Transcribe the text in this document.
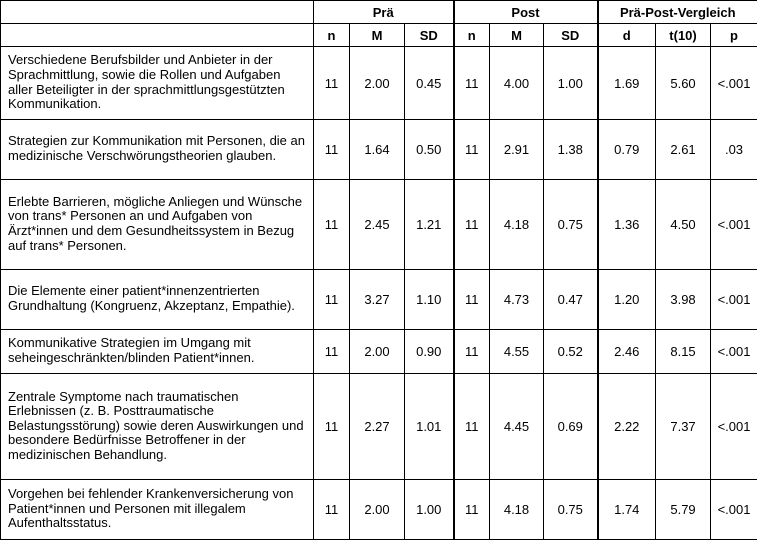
	Prä			Post			Prä-Post-Vergleich		
	n	M	SD	n	M	SD	d	t(10)	p
Verschiedene Berufsbilder und Anbieter in der Sprachmittlung, sowie die Rollen und Aufgaben aller Beteiligter in der sprachmittlungsgestützten Kommunikation.	11	2.00	0.45	11	4.00	1.00	1.69	5.60	<.001
Strategien zur Kommunikation mit Personen, die an medizinische Verschwörungstheorien glauben.	11	1.64	0.50	11	2.91	1.38	0.79	2.61	.03
Erlebte Barrieren, mögliche Anliegen und Wünsche von trans* Personen an und Aufgaben von Ärzt*innen und dem Gesundheitssystem in Bezug auf trans* Personen.	11	2.45	1.21	11	4.18	0.75	1.36	4.50	<.001
Die Elemente einer patient*innenzentrierten Grundhaltung (Kongruenz, Akzeptanz, Empathie).	11	3.27	1.10	11	4.73	0.47	1.20	3.98	<.001
Kommunikative Strategien im Umgang mit seheingeschränkten/blinden Patient*innen.	11	2.00	0.90	11	4.55	0.52	2.46	8.15	<.001
Zentrale Symptome nach traumatischen Erlebnissen (z. B. Posttraumatische Belastungsstörung) sowie deren Auswirkungen und besondere Bedürfnisse Betroffener in der medizinischen Behandlung.	11	2.27	1.01	11	4.45	0.69	2.22	7.37	<.001
Vorgehen bei fehlender Krankenversicherung von Patient*innen und Personen mit illegalem Aufenthaltsstatus.	11	2.00	1.00	11	4.18	0.75	1.74	5.79	<.001
